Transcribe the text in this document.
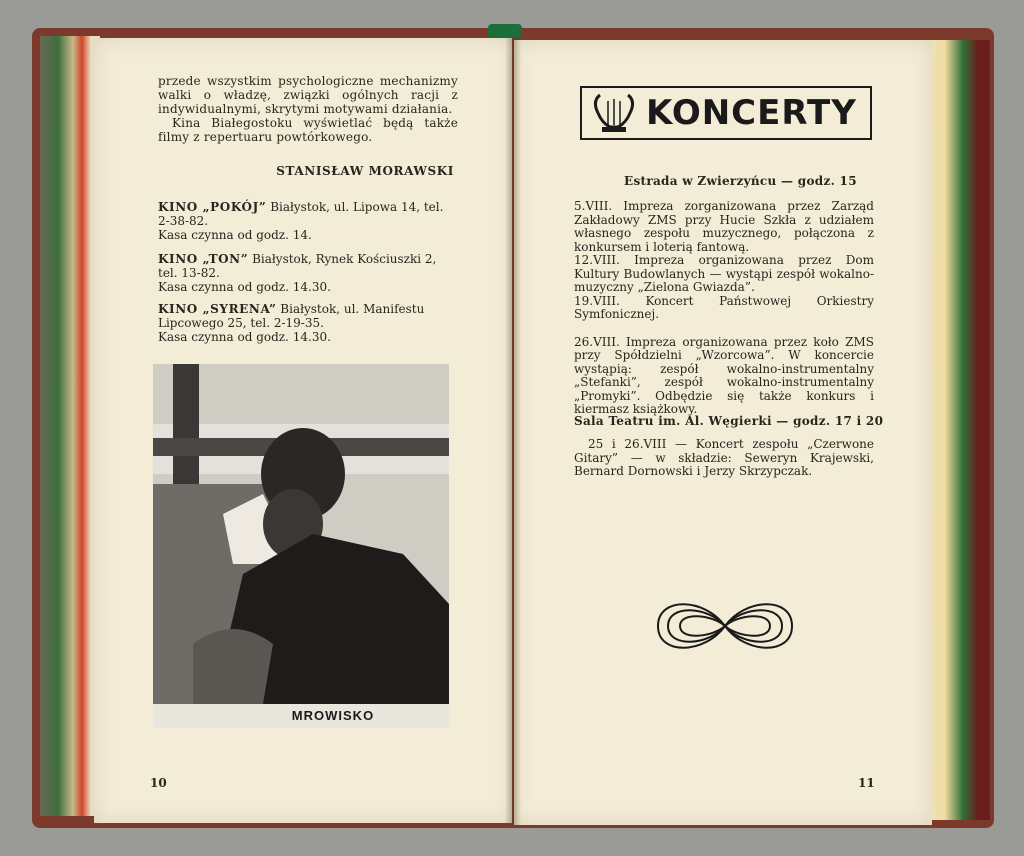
przede wszystkim psychologiczne mechanizmy walki o władzę, związki ogólnych racji z indywidualnymi, skrytymi motywami działania.

Kina Białegostoku wyświetlać będą także filmy z repertuaru powtórkowego.

STANISŁAW MORAWSKI
KINO „POKÓJ” Białystok, ul. Lipowa 14, tel. 2-38-82.
Kasa czynna od godz. 14.
KINO „TON” Białystok, Rynek Kościuszki 2, tel. 13-82.
Kasa czynna od godz. 14.30.
KINO „SYRENA” Białystok, ul. Manifestu Lipcowego 25, tel. 2-19-35.
Kasa czynna od godz. 14.30.
MROWISKO
10
KONCERTY
Estrada w Zwierzyńcu — godz. 15
5.VIII. Impreza zorganizowana przez Zarząd Zakładowy ZMS przy Hucie Szkła z udziałem własnego zespołu muzycznego, połączona z konkursem i loterią fantową.
12.VIII. Impreza organizowana przez Dom Kultury Budowlanych — wystąpi zespół wokalno-muzyczny „Zielona Gwiazda”.
19.VIII. Koncert Państwowej Orkiestry Symfonicznej.
26.VIII. Impreza organizowana przez koło ZMS przy Spółdzielni „Wzorcowa”. W koncercie wystąpią: zespół wokalno-instrumentalny „Stefanki”, zespół wokalno-instrumentalny „Promyki”. Odbędzie się także konkurs i kiermasz książkowy.
Sala Teatru im. Al. Węgierki — godz. 17 i 20
25 i 26.VIII — Koncert zespołu „Czerwone Gitary” — w składzie: Seweryn Krajewski, Bernard Dornowski i Jerzy Skrzypczak.
11
